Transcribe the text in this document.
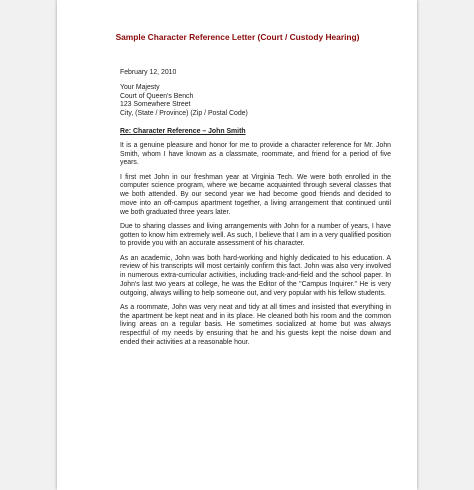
Sample Character Reference Letter (Court / Custody Hearing)
February 12, 2010
Your Majesty
Court of Queen's Bench
123 Somewhere Street
City, (State / Province) (Zip / Postal Code)
Re: Character Reference – John Smith

It is a genuine pleasure and honor for me to provide a character reference for Mr. John Smith, whom I have known as a classmate, roommate, and friend for a period of five years.

I first met John in our freshman year at Virginia Tech. We were both enrolled in the computer science program, where we became acquainted through several classes that we both attended. By our second year we had become good friends and decided to move into an off-campus apartment together, a living arrangement that continued until we both graduated three years later.

Due to sharing classes and living arrangements with John for a number of years, I have gotten to know him extremely well. As such, I believe that I am in a very qualified position to provide you with an accurate assessment of his character.

As an academic, John was both hard-working and highly dedicated to his education. A review of his transcripts will most certainly confirm this fact. John was also very involved in numerous extra-curricular activities, including track-and-field and the school paper. In John's last two years at college, he was the Editor of the "Campus Inquirer." He is very outgoing, always willing to help someone out, and very popular with his fellow students.

As a roommate, John was very neat and tidy at all times and insisted that everything in the apartment be kept neat and in its place. He cleaned both his room and the common living areas on a regular basis. He sometimes socialized at home but was always respectful of my needs by ensuring that he and his guests kept the noise down and ended their activities at a reasonable hour.
